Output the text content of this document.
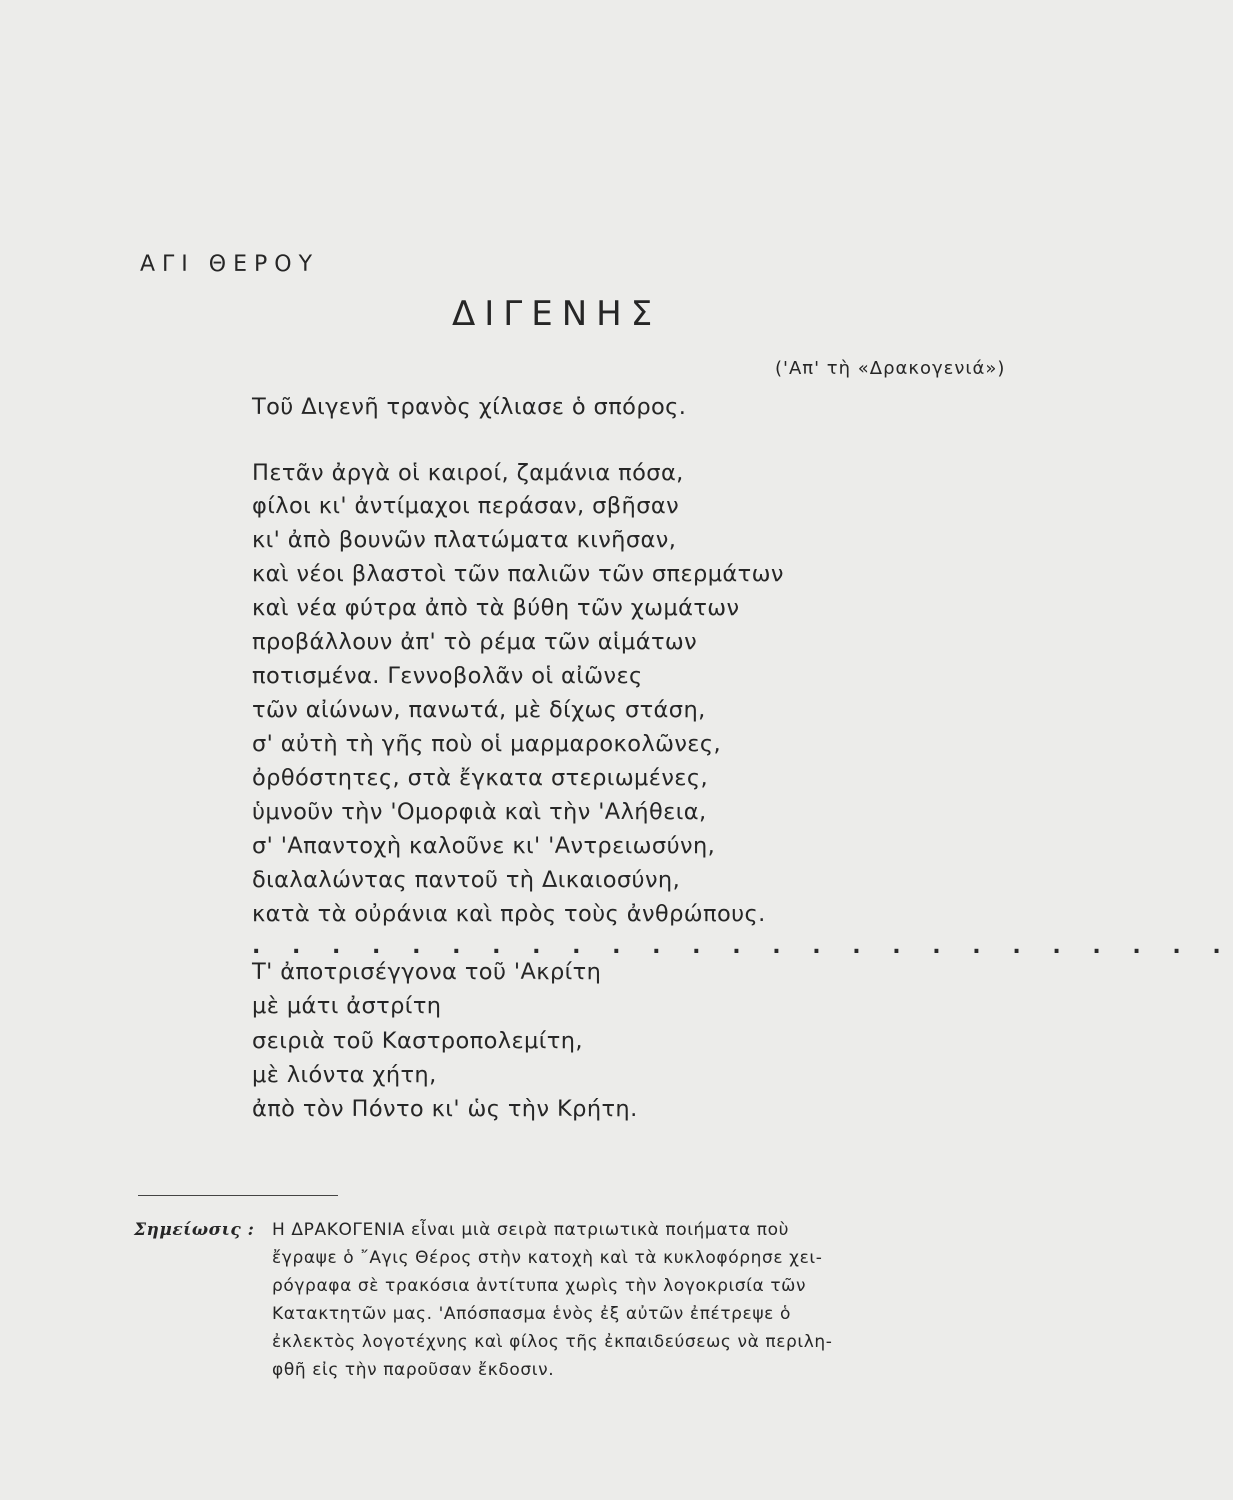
ΑΓΙ ΘΕΡΟΥ
ΔΙΓΕΝΗΣ
('Απ' τὴ «Δρακογενιά»)
Τοῦ Διγενῆ τρανὸς χίλιασε ὁ σπόρος.
Πετᾶν ἀργὰ οἱ καιροί, ζαμάνια πόσα,
φίλοι κι' ἀντίμαχοι περάσαν, σβῆσαν
κι' ἀπὸ βουνῶν πλατώματα κινῆσαν,
καὶ νέοι βλαστοὶ τῶν παλιῶν τῶν σπερμάτων
καὶ νέα φύτρα ἀπὸ τὰ βύθη τῶν χωμάτων
προβάλλουν ἀπ' τὸ ρέμα τῶν αἱμάτων
ποτισμένα. Γεννοβολᾶν οἱ αἰῶνες
τῶν αἰώνων, πανωτά, μὲ δίχως στάση,
σ' αὐτὴ τὴ γῆς ποὺ οἱ μαρμαροκολῶνες,
ὀρθόστητες, στὰ ἔγκατα στεριωμένες,
ὑμνοῦν τὴν 'Ομορφιὰ καὶ τὴν 'Αλήθεια,
σ' 'Απαντοχὴ καλοῦνε κι' 'Αντρειωσύνη,
διαλαλώντας παντοῦ τὴ Δικαιοσύνη,
κατὰ τὰ οὐράνια καὶ πρὸς τοὺς ἀνθρώπους.
. . . . . . . . . . . . . . . . . . . . . . . . .
Τ' ἀποτρισέγγονα τοῦ 'Ακρίτη
μὲ μάτι ἀστρίτη
σειριὰ τοῦ Καστροπολεμίτη,
μὲ λιόντα χήτη,
ἀπὸ τὸν Πόντο κι' ὡς τὴν Κρήτη.
Σημείωσις : Η ΔΡΑΚΟΓΕΝΙΑ εἶναι μιὰ σειρὰ πατριωτικὰ ποιήματα ποὺ
ἔγραψε ὁ ῎Αγις Θέρος στὴν κατοχὴ καὶ τὰ κυκλοφόρησε χει-
ρόγραφα σὲ τρακόσια ἀντίτυπα χωρὶς τὴν λογοκρισία τῶν
Κατακτητῶν μας. 'Απόσπασμα ἑνὸς ἐξ αὐτῶν ἐπέτρεψε ὁ
ἐκλεκτὸς λογοτέχνης καὶ φίλος τῆς ἐκπαιδεύσεως νὰ περιλη-
φθῆ εἰς τὴν παροῦσαν ἔκδοσιν.
